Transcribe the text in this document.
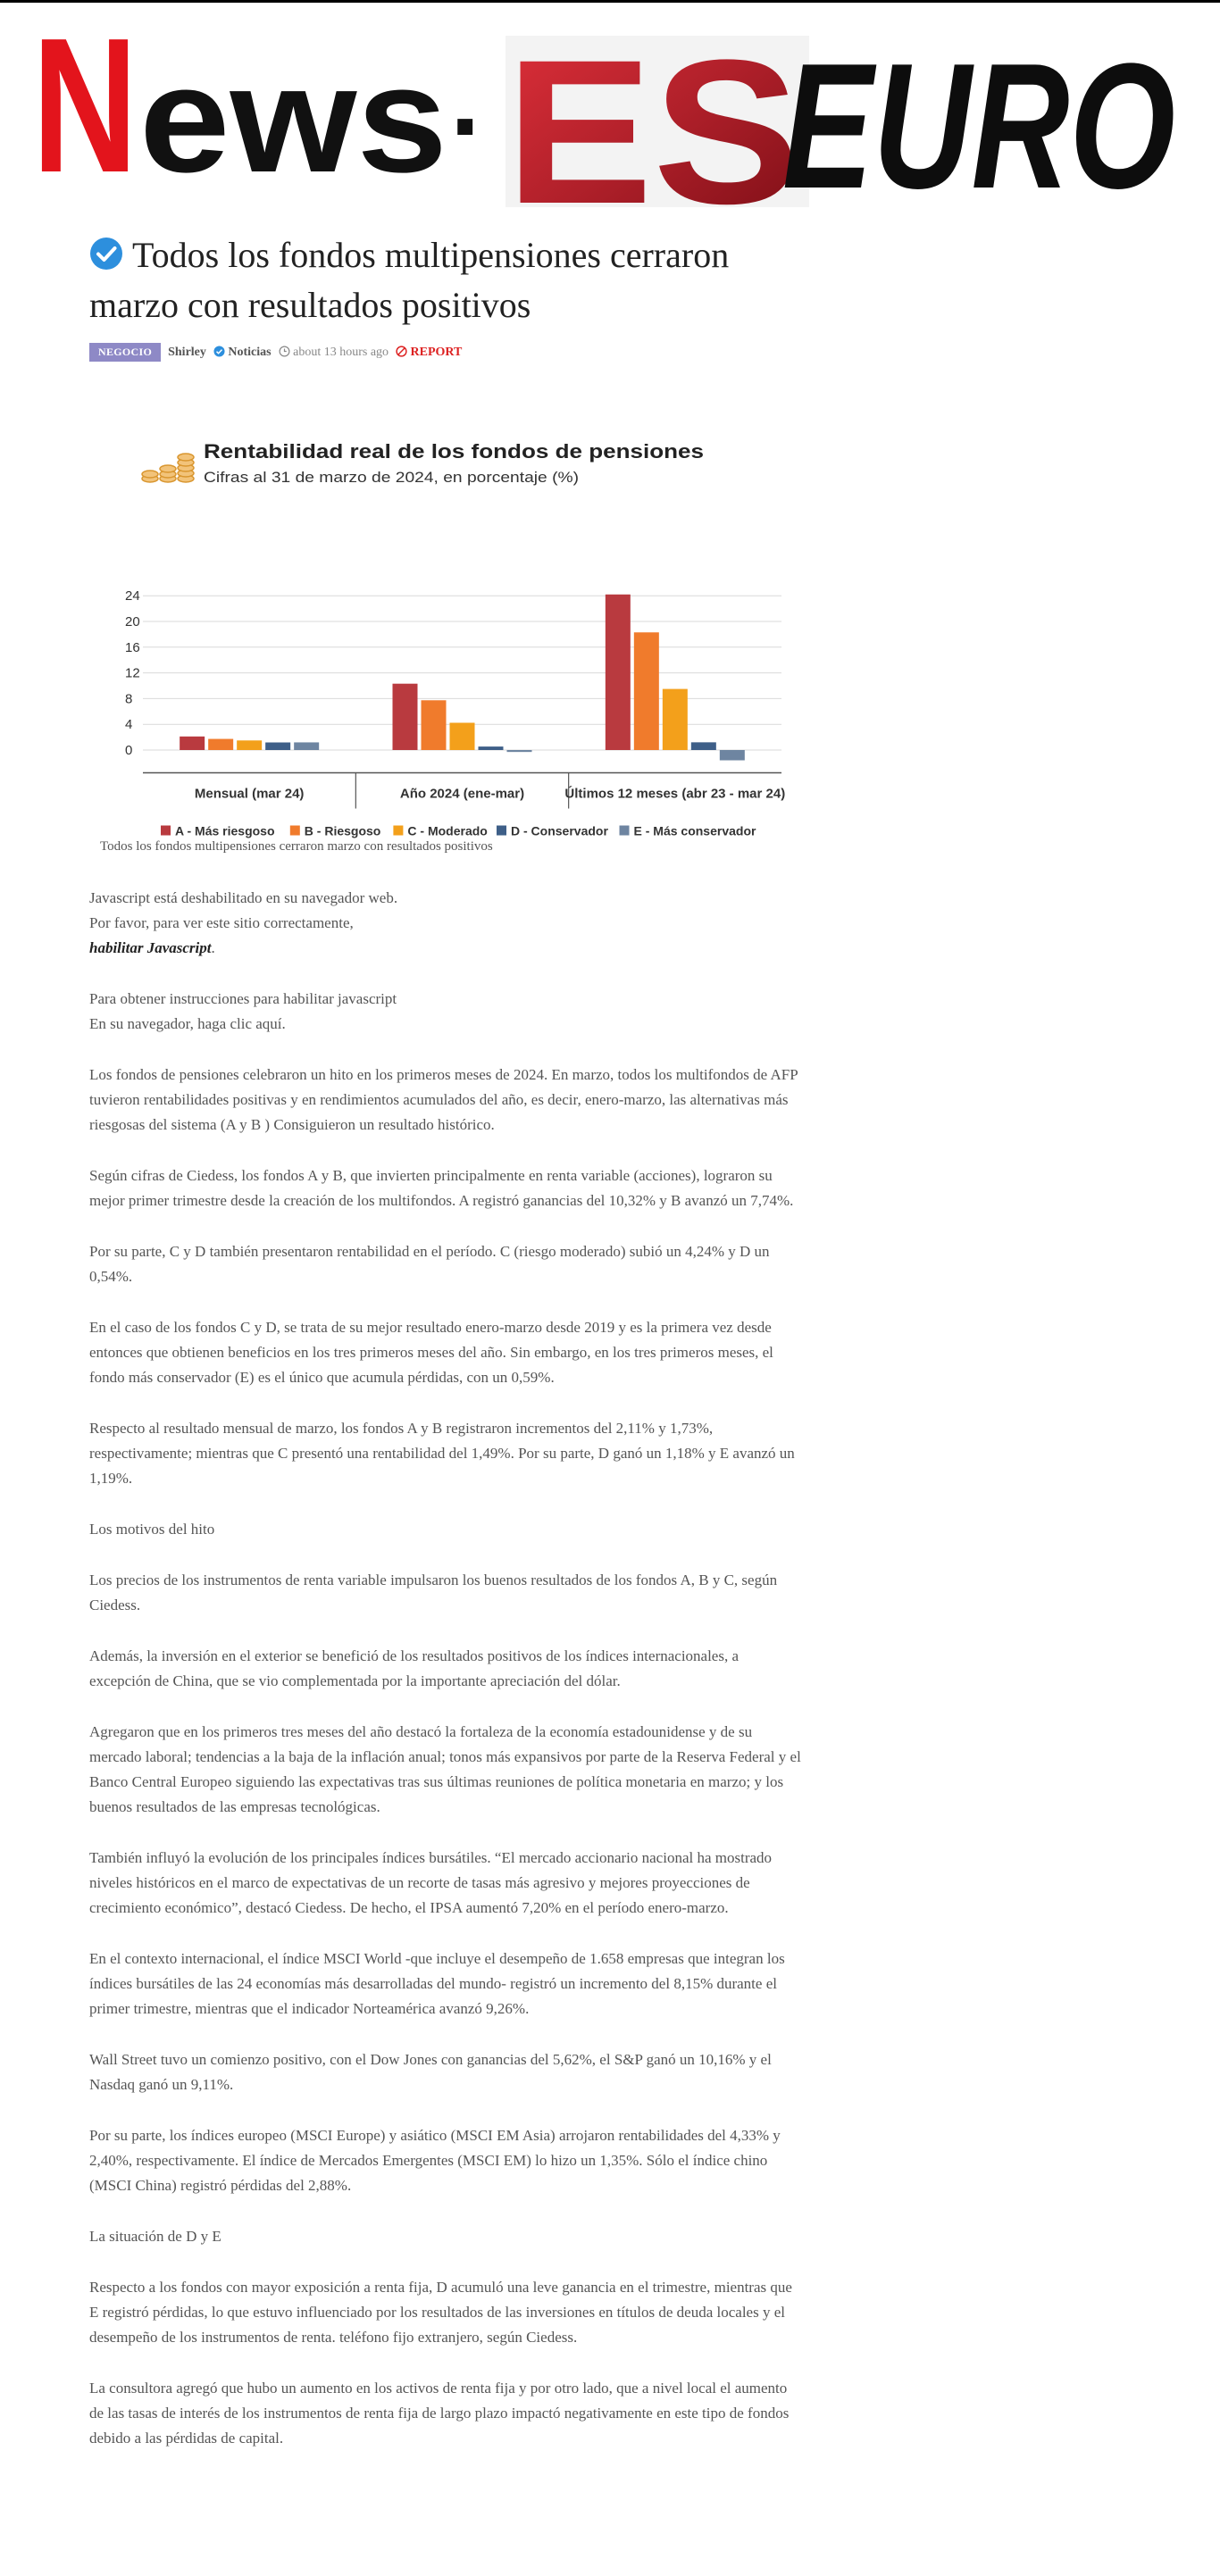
N ews · ES
EURO
Todos los fondos multipensiones cerraron marzo con resultados positivos
NEGOCIO	Shirley	Noticias	about 13 hours ago	REPORT
Rentabilidad real de los fondos de pensiones
Cifras al 31 de marzo de 2024, en porcentaje (%)
24
20
16
12
8
4
0
Mensual (mar 24)	Año 2024 (ene-mar)	Últimos 12 meses (abr 23 - mar 24)
A - Más riesgoso B - Riesgoso C - Moderado D - Conservador E - Más conservador
Todos los fondos multipensiones cerraron marzo con resultados positivos

Javascript está deshabilitado en su navegador web.
Por favor, para ver este sitio correctamente,
habilitar Javascript.

Para obtener instrucciones para habilitar javascript
En su navegador, haga clic aquí.

Los fondos de pensiones celebraron un hito en los primeros meses de 2024. En marzo, todos los multifondos de AFP tuvieron rentabilidades positivas y en rendimientos acumulados del año, es decir, enero-marzo, las alternativas más riesgosas del sistema (A y B ) Consiguieron un resultado histórico.

Según cifras de Ciedess, los fondos A y B, que invierten principalmente en renta variable (acciones), lograron su mejor primer trimestre desde la creación de los multifondos. A registró ganancias del 10,32% y B avanzó un 7,74%.

Por su parte, C y D también presentaron rentabilidad en el período. C (riesgo moderado) subió un 4,24% y D un 0,54%.

En el caso de los fondos C y D, se trata de su mejor resultado enero-marzo desde 2019 y es la primera vez desde entonces que obtienen beneficios en los tres primeros meses del año. Sin embargo, en los tres primeros meses, el fondo más conservador (E) es el único que acumula pérdidas, con un 0,59%.

Respecto al resultado mensual de marzo, los fondos A y B registraron incrementos del 2,11% y 1,73%, respectivamente; mientras que C presentó una rentabilidad del 1,49%. Por su parte, D ganó un 1,18% y E avanzó un 1,19%.

Los motivos del hito

Los precios de los instrumentos de renta variable impulsaron los buenos resultados de los fondos A, B y C, según Ciedess.

Además, la inversión en el exterior se benefició de los resultados positivos de los índices internacionales, a excepción de China, que se vio complementada por la importante apreciación del dólar.

Agregaron que en los primeros tres meses del año destacó la fortaleza de la economía estadounidense y de su mercado laboral; tendencias a la baja de la inflación anual; tonos más expansivos por parte de la Reserva Federal y el Banco Central Europeo siguiendo las expectativas tras sus últimas reuniones de política monetaria en marzo; y los buenos resultados de las empresas tecnológicas.

También influyó la evolución de los principales índices bursátiles. “El mercado accionario nacional ha mostrado niveles históricos en el marco de expectativas de un recorte de tasas más agresivo y mejores proyecciones de crecimiento económico”, destacó Ciedess. De hecho, el IPSA aumentó 7,20% en el período enero-marzo.

En el contexto internacional, el índice MSCI World -que incluye el desempeño de 1.658 empresas que integran los índices bursátiles de las 24 economías más desarrolladas del mundo- registró un incremento del 8,15% durante el primer trimestre, mientras que el indicador Norteamérica avanzó 9,26%.

Wall Street tuvo un comienzo positivo, con el Dow Jones con ganancias del 5,62%, el S&P ganó un 10,16% y el Nasdaq ganó un 9,11%.

Por su parte, los índices europeo (MSCI Europe) y asiático (MSCI EM Asia) arrojaron rentabilidades del 4,33% y 2,40%, respectivamente. El índice de Mercados Emergentes (MSCI EM) lo hizo un 1,35%. Sólo el índice chino (MSCI China) registró pérdidas del 2,88%.

La situación de D y E

Respecto a los fondos con mayor exposición a renta fija, D acumuló una leve ganancia en el trimestre, mientras que E registró pérdidas, lo que estuvo influenciado por los resultados de las inversiones en títulos de deuda locales y el desempeño de los instrumentos de renta. teléfono fijo extranjero, según Ciedess.

La consultora agregó que hubo un aumento en los activos de renta fija y por otro lado, que a nivel local el aumento de las tasas de interés de los instrumentos de renta fija de largo plazo impactó negativamente en este tipo de fondos debido a las pérdidas de capital.
